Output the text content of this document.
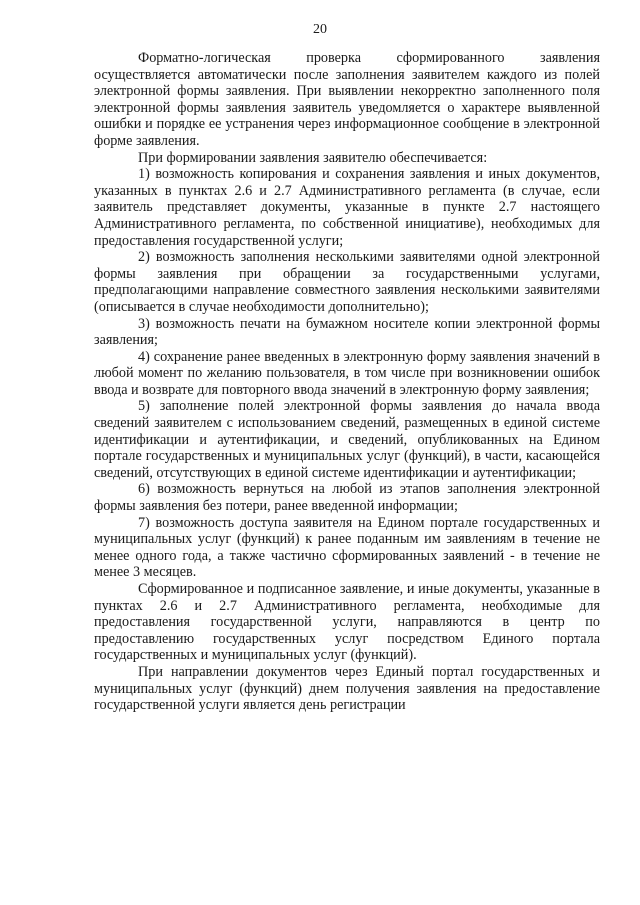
20

Форматно-логическая проверка сформированного заявления осуществляется автоматически после заполнения заявителем каждого из полей электронной формы заявления. При выявлении некорректно заполненного поля электронной формы заявления заявитель уведомляется о характере выявленной ошибки и порядке ее устранения через информационное сообщение в электронной форме заявления.

При формировании заявления заявителю обеспечивается:

1) возможность копирования и сохранения заявления и иных документов, указанных в пунктах 2.6 и 2.7 Административного регламента (в случае, если заявитель представляет документы, указанные в пункте 2.7 настоящего Административного регламента, по собственной инициативе), необходимых для предоставления государственной услуги;

2) возможность заполнения несколькими заявителями одной электронной формы заявления при обращении за государственными услугами, предполагающими направление совместного заявления несколькими заявителями (описывается в случае необходимости дополнительно);

3) возможность печати на бумажном носителе копии электронной формы заявления;

4) сохранение ранее введенных в электронную форму заявления значений в любой момент по желанию пользователя, в том числе при возникновении ошибок ввода и возврате для повторного ввода значений в электронную форму заявления;

5) заполнение полей электронной формы заявления до начала ввода сведений заявителем с использованием сведений, размещенных в единой системе идентификации и аутентификации, и сведений, опубликованных на Едином портале государственных и муниципальных услуг (функций), в части, касающейся сведений, отсутствующих в единой системе идентификации и аутентификации;

6) возможность вернуться на любой из этапов заполнения электронной формы заявления без потери, ранее введенной информации;

7) возможность доступа заявителя на Едином портале государственных и муниципальных услуг (функций) к ранее поданным им заявлениям в течение не менее одного года, а также частично сформированных заявлений - в течение не менее 3 месяцев.

Сформированное и подписанное заявление, и иные документы, указанные в пунктах 2.6 и 2.7 Административного регламента, необходимые для предоставления государственной услуги, направляются в центр по предоставлению государственных услуг посредством Единого портала государственных и муниципальных услуг (функций).

При направлении документов через Единый портал государственных и муниципальных услуг (функций) днем получения заявления на предоставление государственной услуги является день регистрации
